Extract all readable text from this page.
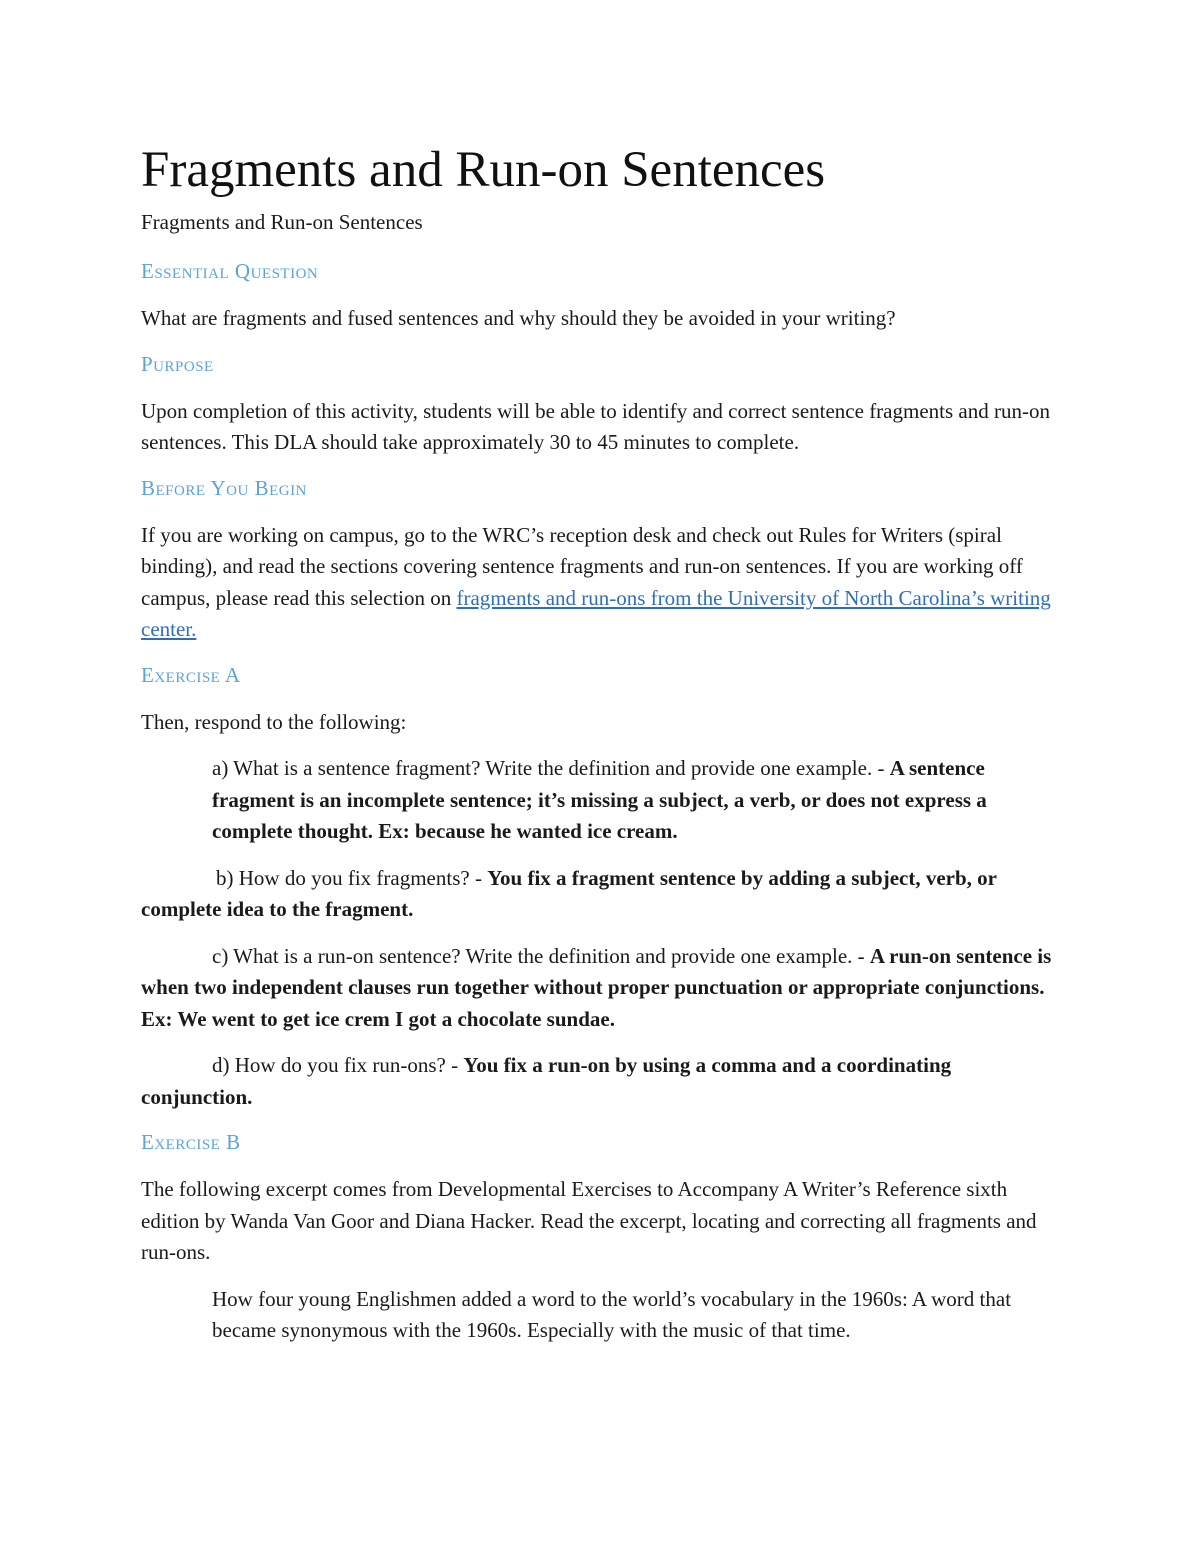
Fragments and Run-on Sentences
Fragments and Run-on Sentences
Essential Question

What are fragments and fused sentences and why should they be avoided in your writing?

Purpose

Upon completion of this activity, students will be able to identify and correct sentence fragments and run-on sentences. This DLA should take approximately 30 to 45 minutes to complete.

Before You Begin

If you are working on campus, go to the WRC’s reception desk and check out Rules for Writers (spiral binding), and read the sections covering sentence fragments and run-on sentences. If you are working off campus, please read this selection on fragments and run-ons from the University of North Carolina’s writing center.

Exercise A

Then, respond to the following:

a) What is a sentence fragment? Write the definition and provide one example. - A sentence fragment is an incomplete sentence; it’s missing a subject, a verb, or does not express a complete thought. Ex: because he wanted ice cream.

b) How do you fix fragments? - You fix a fragment sentence by adding a subject, verb, or complete idea to the fragment.

c) What is a run-on sentence? Write the definition and provide one example. - A run-on sentence is when two independent clauses run together without proper punctuation or appropriate conjunctions. Ex: We went to get ice crem I got a chocolate sundae.

d) How do you fix run-ons? - You fix a run-on by using a comma and a coordinating conjunction.

Exercise B

The following excerpt comes from Developmental Exercises to Accompany A Writer’s Reference sixth edition by Wanda Van Goor and Diana Hacker. Read the excerpt, locating and correcting all fragments and run-ons.

How four young Englishmen added a word to the world’s vocabulary in the 1960s: A word that became synonymous with the 1960s. Especially with the music of that time.
